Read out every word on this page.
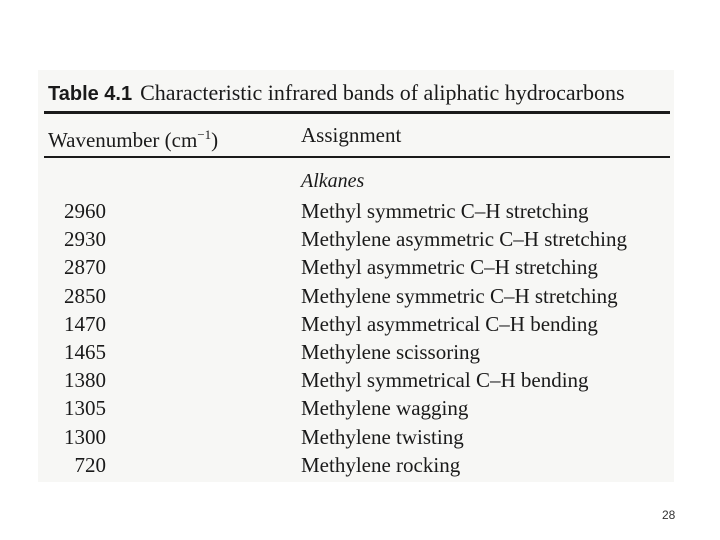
Table 4.1 Characteristic infrared bands of aliphatic hydrocarbons
Wavenumber $(cm^{-1})$	Assignment
Alkanes
2960	Methyl symmetric C–H stretching
2930	Methylene asymmetric C–H stretching
2870	Methyl asymmetric C–H stretching
2850	Methylene symmetric C–H stretching
1470	Methyl asymmetrical C–H bending
1465	Methylene scissoring
1380	Methyl symmetrical C–H bending
1305	Methylene wagging
1300	Methylene twisting
720	Methylene rocking
28
